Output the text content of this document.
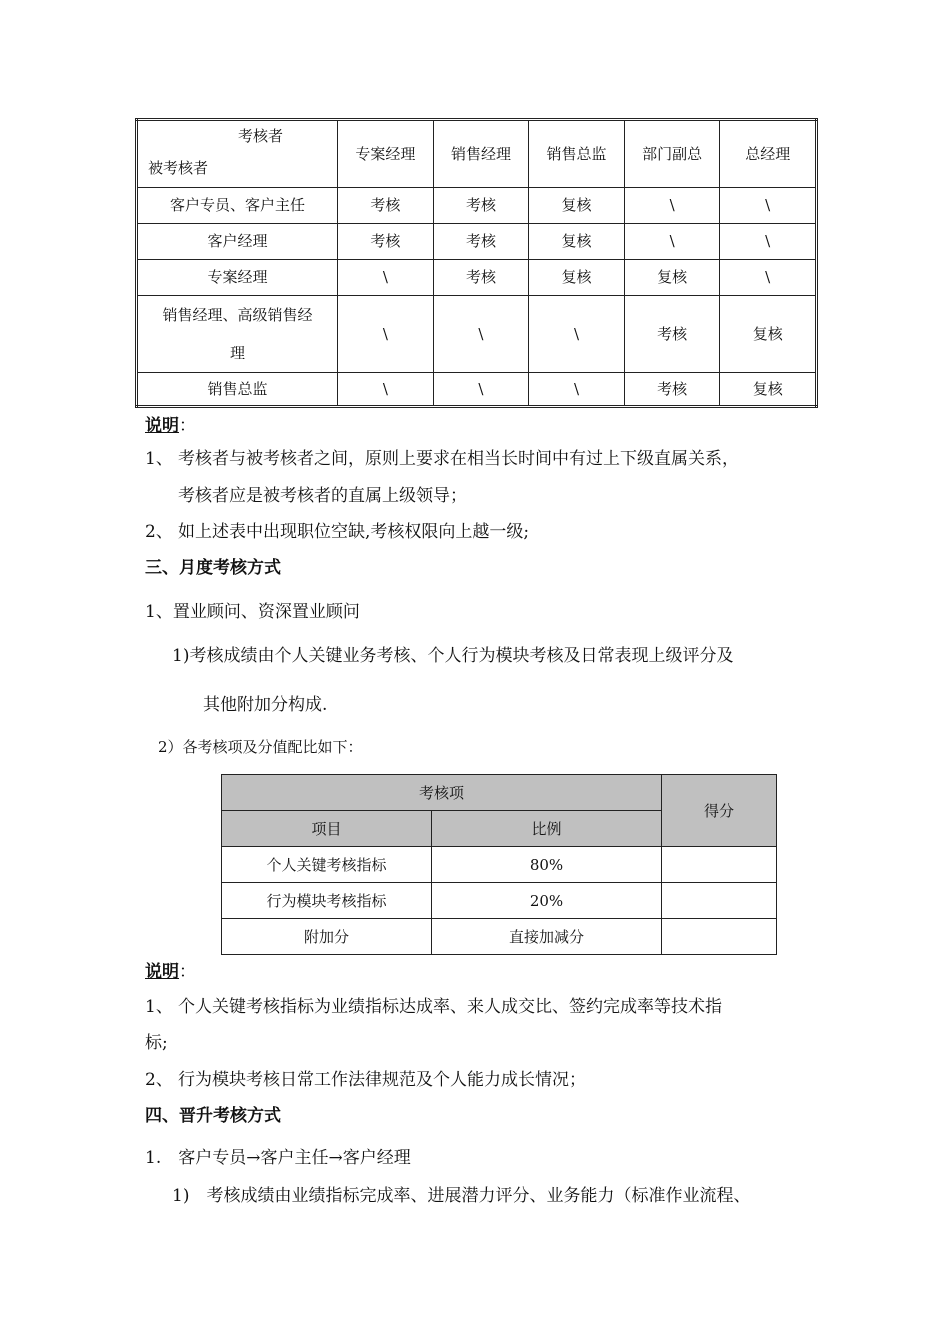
考核者
被考核者	专案经理	销售经理	销售总监	部门副总	总经理
客户专员、客户主任	考核	考核	复核	\	\
客户经理	考核	考核	复核	\	\
专案经理	\	考核	复核	复核	\
销售经理、高级销售经
理	\	\	\	考核	复核
销售总监	\	\	\	考核	复核
说明：
1、 考核者与被考核者之间，原则上要求在相当长时间中有过上下级直属关系，
考核者应是被考核者的直属上级领导；
2、 如上述表中出现职位空缺,考核权限向上越一级;
三、月度考核方式
1、置业顾问、资深置业顾问
1)考核成绩由个人关键业务考核、个人行为模块考核及日常表现上级评分及
其他附加分构成.
2）各考核项及分值配比如下：
考核项		得分
项目	比例	
个人关键考核指标	80%	
行为模块考核指标	20%	
附加分	直接加减分	
说明：
1、 个人关键考核指标为业绩指标达成率、来人成交比、签约完成率等技术指
标;
2、 行为模块考核日常工作法律规范及个人能力成长情况；
四、晋升考核方式
1.　客户专员→客户主任→客户经理
1)　考核成绩由业绩指标完成率、进展潜力评分、业务能力（标准作业流程、
